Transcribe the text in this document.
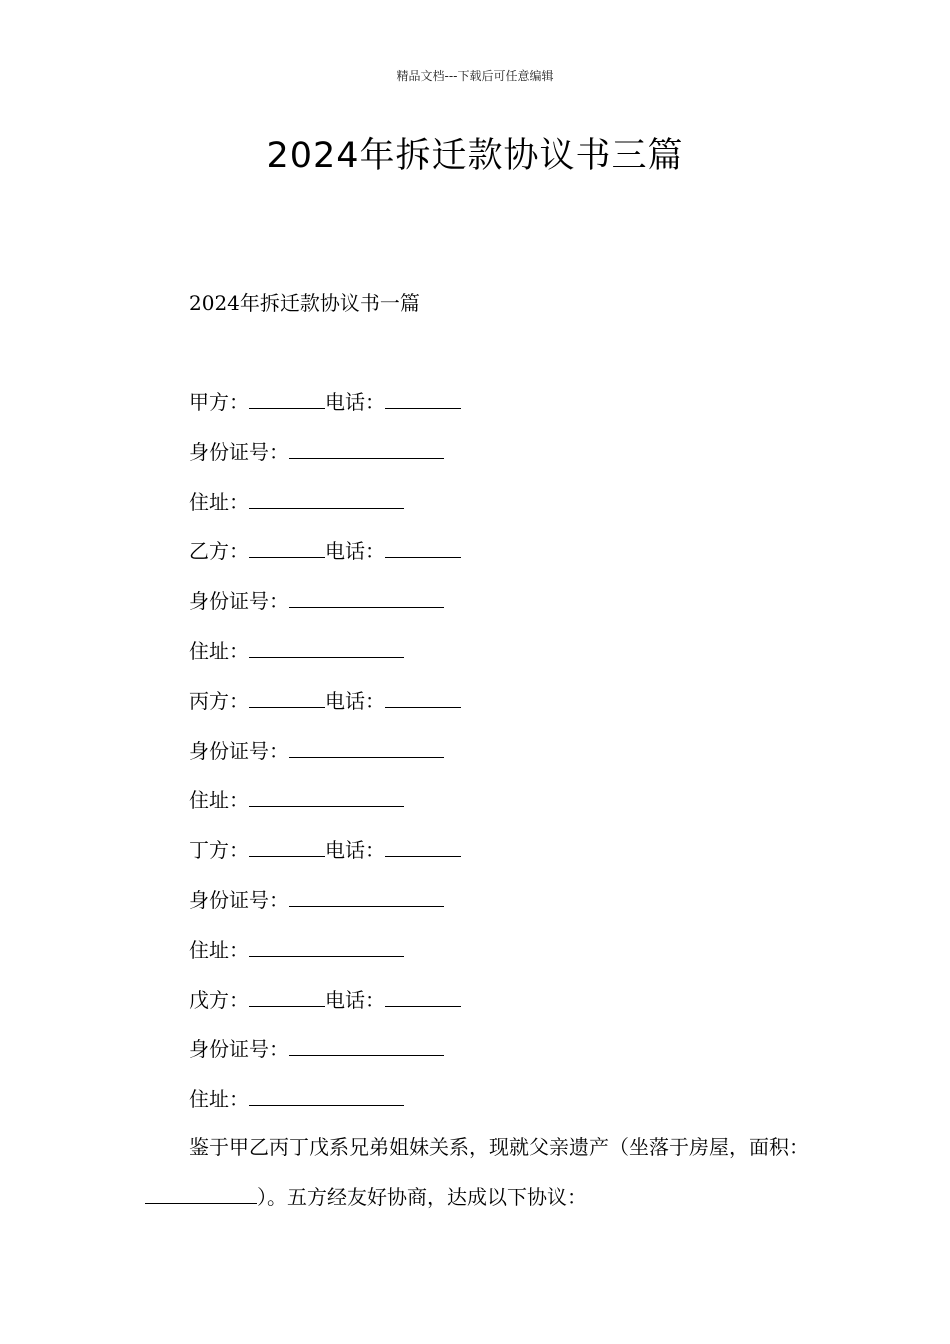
精品文档---下载后可任意编辑
2024年拆迁款协议书三篇
2024年拆迁款协议书一篇
甲方：	电话：
身份证号：
住址：
乙方：	电话：
身份证号：
住址：
丙方：	电话：
身份证号：
住址：
丁方：	电话：
身份证号：
住址：
戊方：	电话：
身份证号：
住址：

鉴于甲乙丙丁戊系兄弟姐妹关系，现就父亲遗产（坐落于房屋，面积：）。五方经友好协商，达成以下协议：
